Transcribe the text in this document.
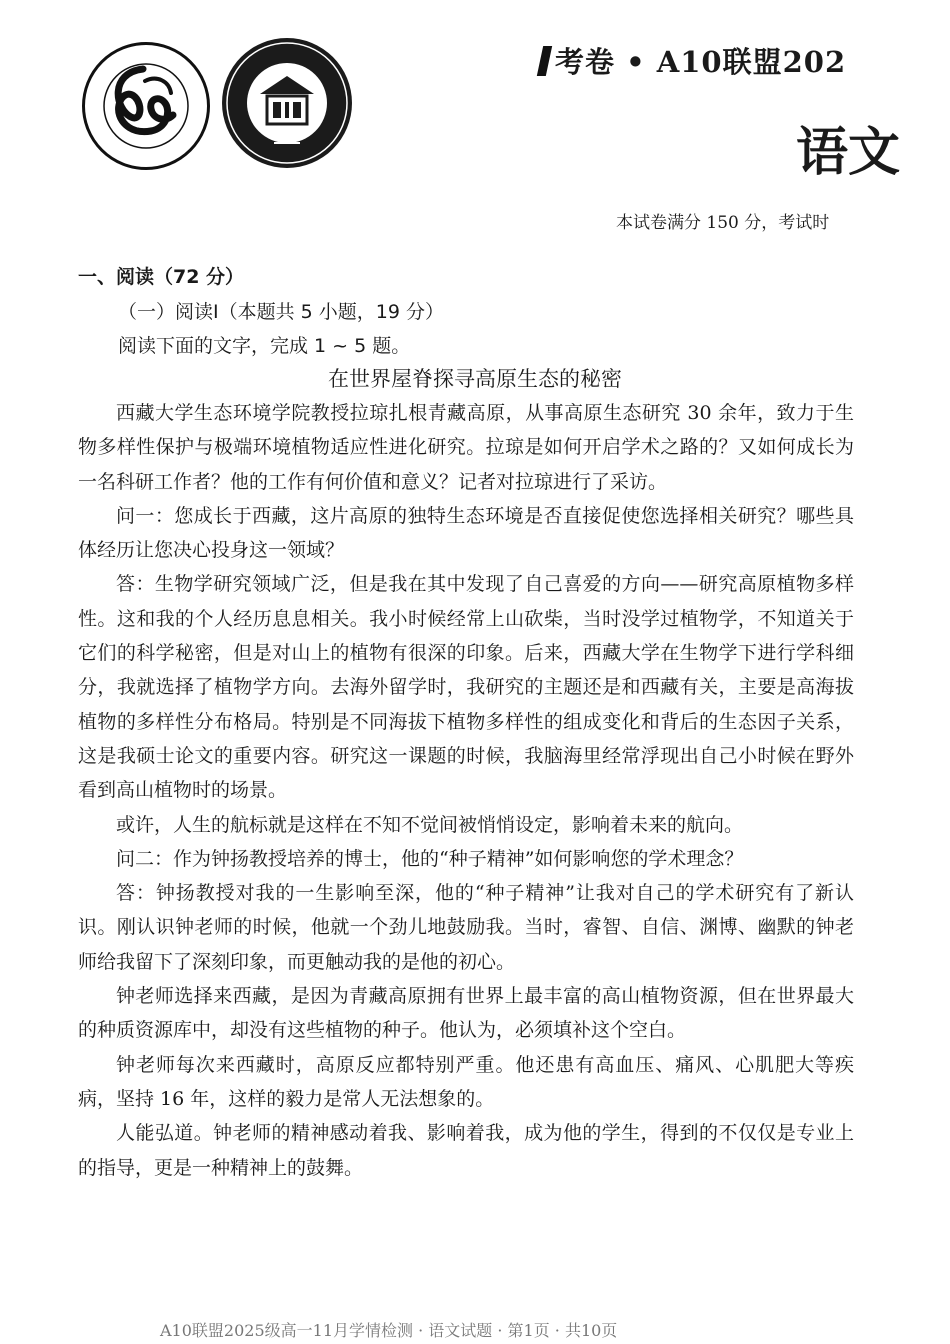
考卷 • A10联盟202
语文
本试卷满分 150 分，考试时
一、阅读（72 分）
（一）阅读Ⅰ（本题共 5 小题，19 分）
阅读下面的文字，完成 1 ~ 5 题。
在世界屋脊探寻高原生态的秘密

西藏大学生态环境学院教授拉琼扎根青藏高原，从事高原生态研究 30 余年，致力于生物多样性保护与极端环境植物适应性进化研究。拉琼是如何开启学术之路的？又如何成长为一名科研工作者？他的工作有何价值和意义？记者对拉琼进行了采访。

问一：您成长于西藏，这片高原的独特生态环境是否直接促使您选择相关研究？哪些具体经历让您决心投身这一领域？

答：生物学研究领域广泛，但是我在其中发现了自己喜爱的方向——研究高原植物多样性。这和我的个人经历息息相关。我小时候经常上山砍柴，当时没学过植物学，不知道关于它们的科学秘密，但是对山上的植物有很深的印象。后来，西藏大学在生物学下进行学科细分，我就选择了植物学方向。去海外留学时，我研究的主题还是和西藏有关，主要是高海拔植物的多样性分布格局。特别是不同海拔下植物多样性的组成变化和背后的生态因子关系，这是我硕士论文的重要内容。研究这一课题的时候，我脑海里经常浮现出自己小时候在野外看到高山植物时的场景。

或许，人生的航标就是这样在不知不觉间被悄悄设定，影响着未来的航向。

问二：作为钟扬教授培养的博士，他的“种子精神”如何影响您的学术理念？

答：钟扬教授对我的一生影响至深，他的“种子精神”让我对自己的学术研究有了新认识。刚认识钟老师的时候，他就一个劲儿地鼓励我。当时，睿智、自信、渊博、幽默的钟老师给我留下了深刻印象，而更触动我的是他的初心。

钟老师选择来西藏，是因为青藏高原拥有世界上最丰富的高山植物资源，但在世界最大的种质资源库中，却没有这些植物的种子。他认为，必须填补这个空白。

钟老师每次来西藏时，高原反应都特别严重。他还患有高血压、痛风、心肌肥大等疾病，坚持 16 年，这样的毅力是常人无法想象的。

人能弘道。钟老师的精神感动着我、影响着我，成为他的学生，得到的不仅仅是专业上的指导，更是一种精神上的鼓舞。

A10联盟2025级高一11月学情检测 · 语文试题 · 第1页 · 共10页
